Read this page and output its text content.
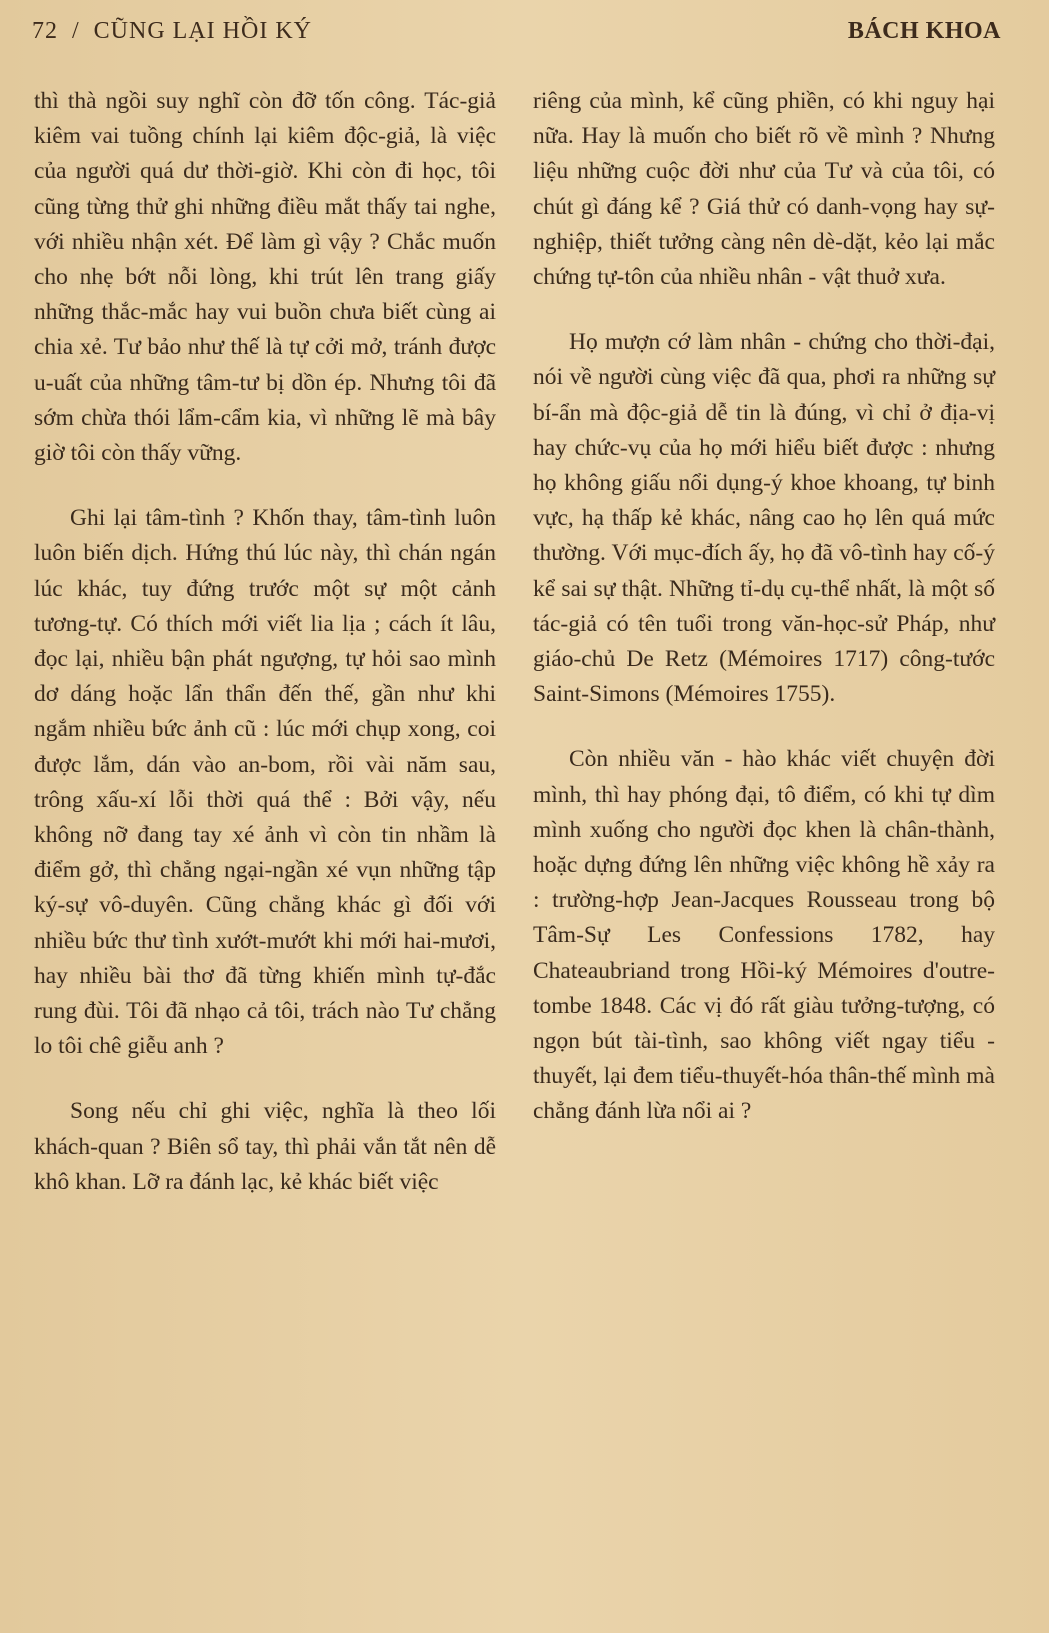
72 / CŨNG LẠI HỒI KÝ	BÁCH KHOA

thì thà ngồi suy nghĩ còn đỡ tốn công. Tác-giả kiêm vai tuồng chính lại kiêm độc-giả, là việc của người quá dư thời-giờ. Khi còn đi học, tôi cũng từng thử ghi những điều mắt thấy tai nghe, với nhiều nhận xét. Để làm gì vậy ? Chắc muốn cho nhẹ bớt nỗi lòng, khi trút lên trang giấy những thắc-mắc hay vui buồn chưa biết cùng ai chia xẻ. Tư bảo như thế là tự cởi mở, tránh được u-uất của những tâm-tư bị dồn ép. Nhưng tôi đã sớm chừa thói lẩm-cẩm kia, vì những lẽ mà bây giờ tôi còn thấy vững.

Ghi lại tâm-tình ? Khốn thay, tâm-tình luôn luôn biến dịch. Hứng thú lúc này, thì chán ngán lúc khác, tuy đứng trước một sự một cảnh tương-tự. Có thích mới viết lia lịa ; cách ít lâu, đọc lại, nhiều bận phát ngượng, tự hỏi sao mình dơ dáng hoặc lẩn thẩn đến thế, gần như khi ngắm nhiều bức ảnh cũ : lúc mới chụp xong, coi được lắm, dán vào an-bom, rồi vài năm sau, trông xấu-xí lỗi thời quá thể : Bởi vậy, nếu không nỡ đang tay xé ảnh vì còn tin nhầm là điểm gở, thì chẳng ngại-ngần xé vụn những tập ký-sự vô-duyên. Cũng chẳng khác gì đối với nhiều bức thư tình xướt-mướt khi mới hai-mươi, hay nhiều bài thơ đã từng khiến mình tự-đắc rung đùi. Tôi đã nhạo cả tôi, trách nào Tư chẳng lo tôi chê giễu anh ?

Song nếu chỉ ghi việc, nghĩa là theo lối khách-quan ? Biên sổ tay, thì phải vắn tắt nên dễ khô khan. Lỡ ra đánh lạc, kẻ khác biết việc

riêng của mình, kể cũng phiền, có khi nguy hại nữa. Hay là muốn cho biết rõ về mình ? Nhưng liệu những cuộc đời như của Tư và của tôi, có chút gì đáng kể ? Giá thử có danh-vọng hay sự-nghiệp, thiết tưởng càng nên dè-dặt, kẻo lại mắc chứng tự-tôn của nhiều nhân - vật thuở xưa.

Họ mượn cớ làm nhân - chứng cho thời-đại, nói về người cùng việc đã qua, phơi ra những sự bí-ẩn mà độc-giả dễ tin là đúng, vì chỉ ở địa-vị hay chức-vụ của họ mới hiểu biết được : nhưng họ không giấu nổi dụng-ý khoe khoang, tự binh vực, hạ thấp kẻ khác, nâng cao họ lên quá mức thường. Với mục-đích ấy, họ đã vô-tình hay cố-ý kể sai sự thật. Những tỉ-dụ cụ-thể nhất, là một số tác-giả có tên tuổi trong văn-học-sử Pháp, như giáo-chủ De Retz (Mémoires 1717) công-tước Saint-Simons (Mémoires 1755).

Còn nhiều văn - hào khác viết chuyện đời mình, thì hay phóng đại, tô điểm, có khi tự dìm mình xuống cho người đọc khen là chân-thành, hoặc dựng đứng lên những việc không hề xảy ra : trường-hợp Jean-Jacques Rousseau trong bộ Tâm-Sự Les Confessions 1782, hay Chateaubriand trong Hồi-ký Mémoires d'outre-tombe 1848. Các vị đó rất giàu tưởng-tượng, có ngọn bút tài-tình, sao không viết ngay tiểu - thuyết, lại đem tiểu-thuyết-hóa thân-thế mình mà chẳng đánh lừa nổi ai ?
